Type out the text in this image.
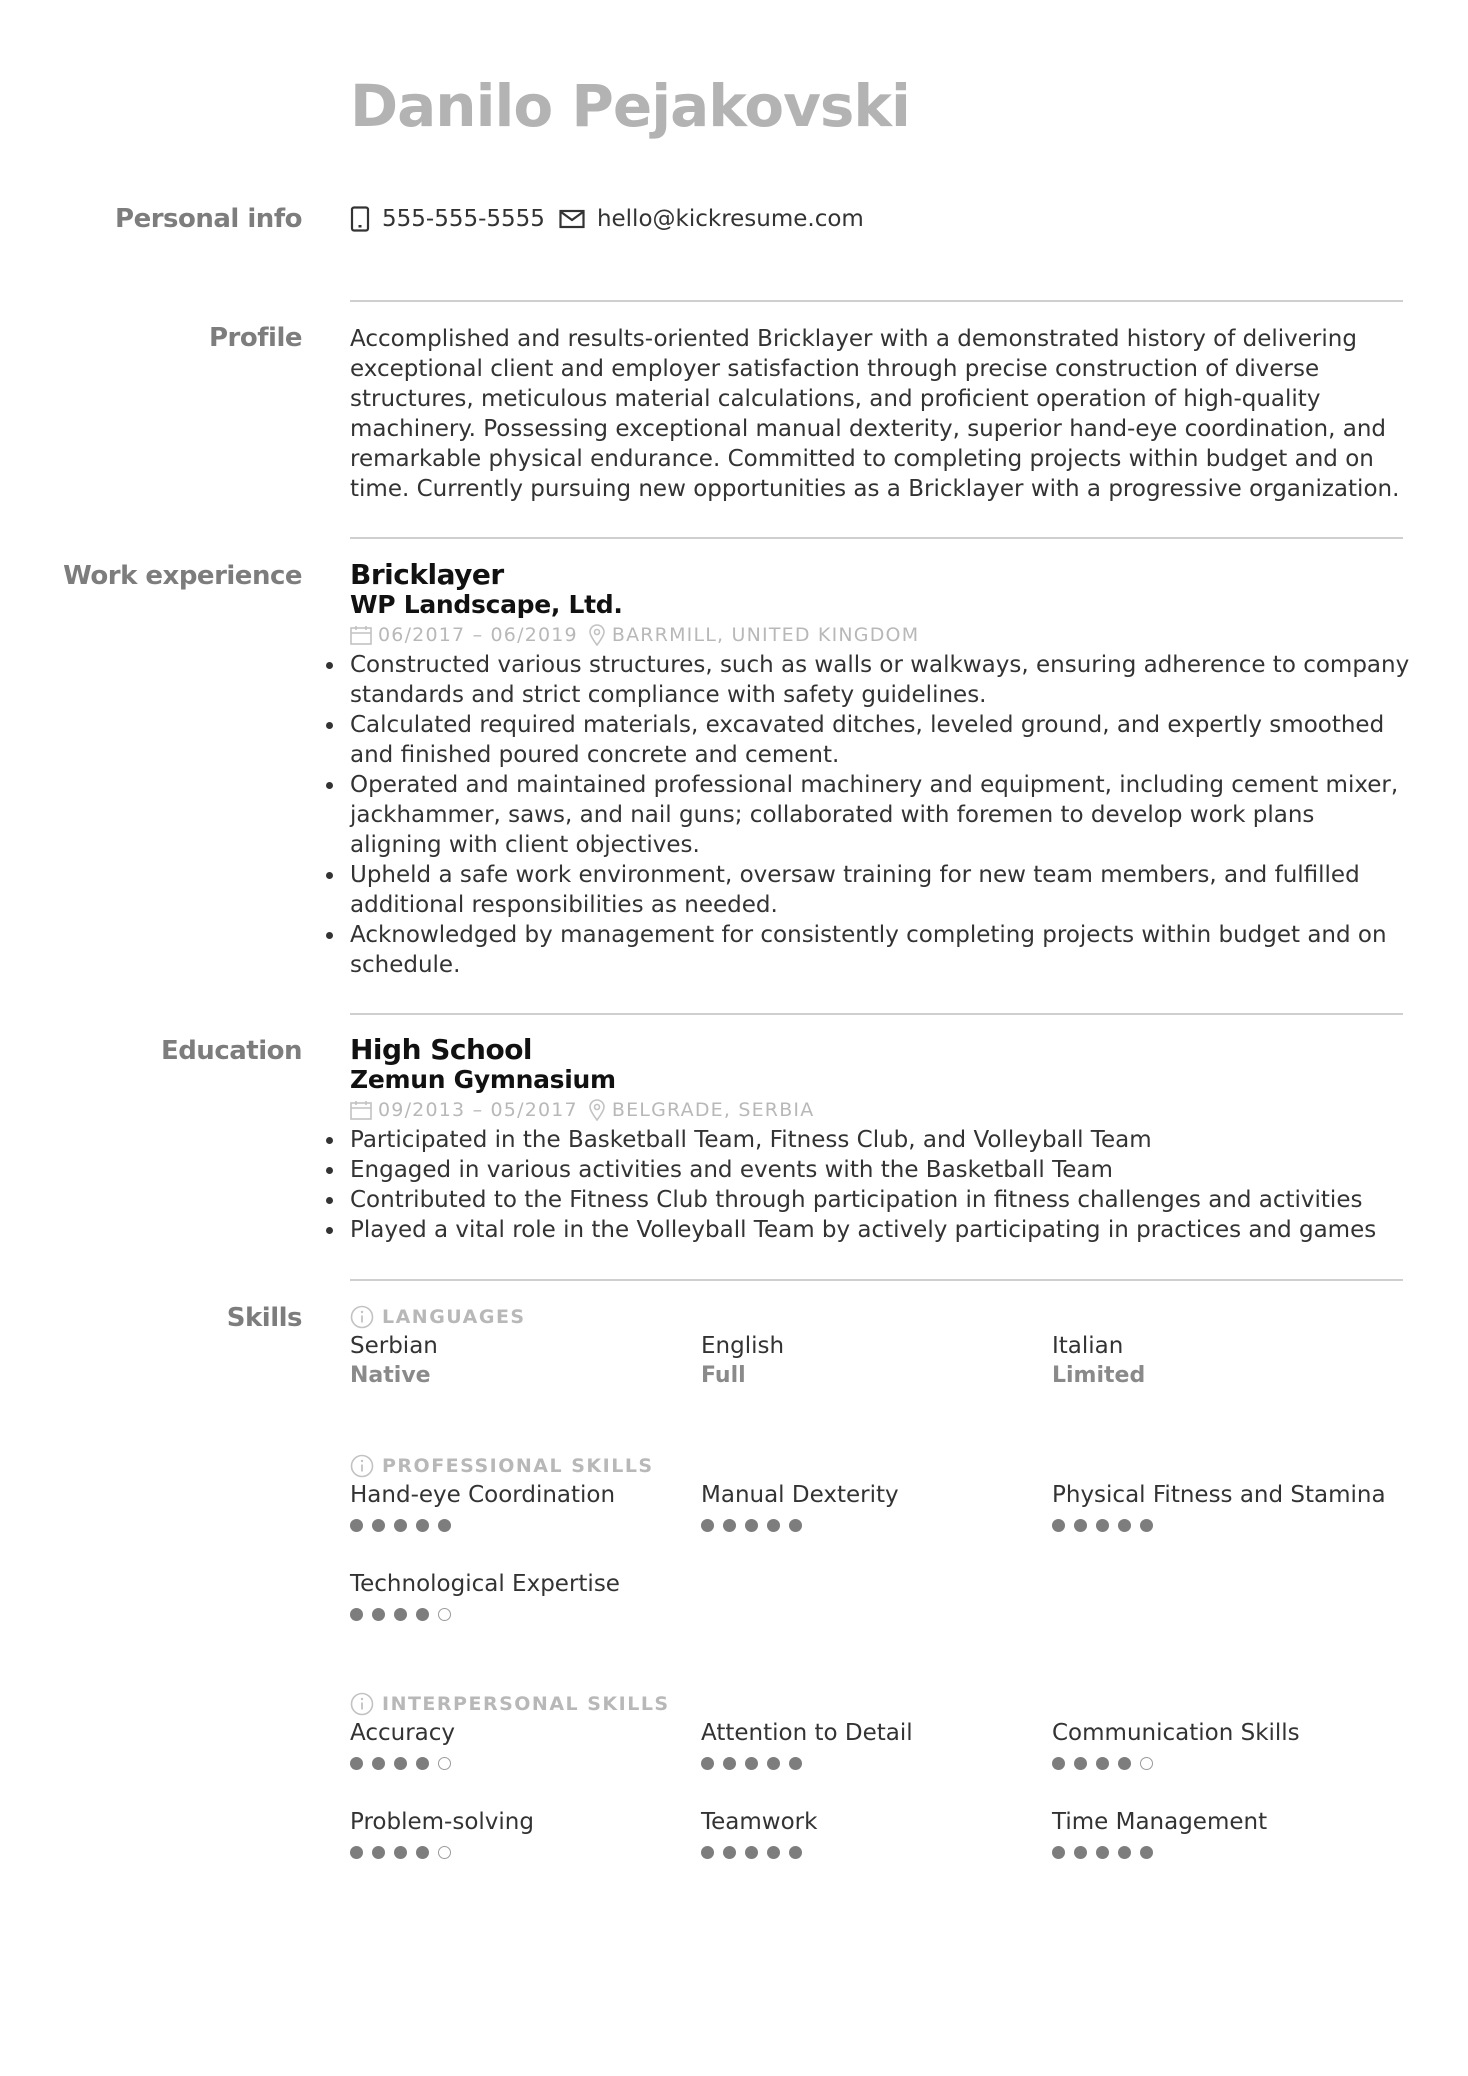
Danilo Pejakovski
Personal info	555-555-5555 hello@kickresume.com
Profile Accomplished and results-oriented Bricklayer with a demonstrated history of delivering exceptional client and employer satisfaction through precise construction of diverse structures, meticulous material calculations, and proficient operation of high-quality machinery. Possessing exceptional manual dexterity, superior hand-eye coordination, and remarkable physical endurance. Committed to completing projects within budget and on time. Currently pursuing new opportunities as a Bricklayer with a progressive organization.
Work experience Bricklayer
WP Landscape, Ltd.
06/2017 – 06/2019 BARRMILL, UNITED KINGDOM
Constructed various structures, such as walls or walkways, ensuring adherence to company standards and strict compliance with safety guidelines.
Calculated required materials, excavated ditches, leveled ground, and expertly smoothed and finished poured concrete and cement.
Operated and maintained professional machinery and equipment, including cement mixer, jackhammer, saws, and nail guns; collaborated with foremen to develop work plans aligning with client objectives.
Upheld a safe work environment, oversaw training for new team members, and fulfilled additional responsibilities as needed.
Acknowledged by management for consistently completing projects within budget and on schedule.
Education High School
Zemun Gymnasium
09/2013 – 05/2017 BELGRADE, SERBIA
Participated in the Basketball Team, Fitness Club, and Volleyball Team
Engaged in various activities and events with the Basketball Team
Contributed to the Fitness Club through participation in fitness challenges and activities
Played a vital role in the Volleyball Team by actively participating in practices and games
Skills	LANGUAGES
Serbian
Native
English
Full
Italian
Limited
PROFESSIONAL SKILLS
Hand-eye Coordination	Manual Dexterity	Physical Fitness and Stamina
Technological Expertise
INTERPERSONAL SKILLS
Accuracy	Attention to Detail	Communication Skills
Problem-solving	Teamwork	Time Management
